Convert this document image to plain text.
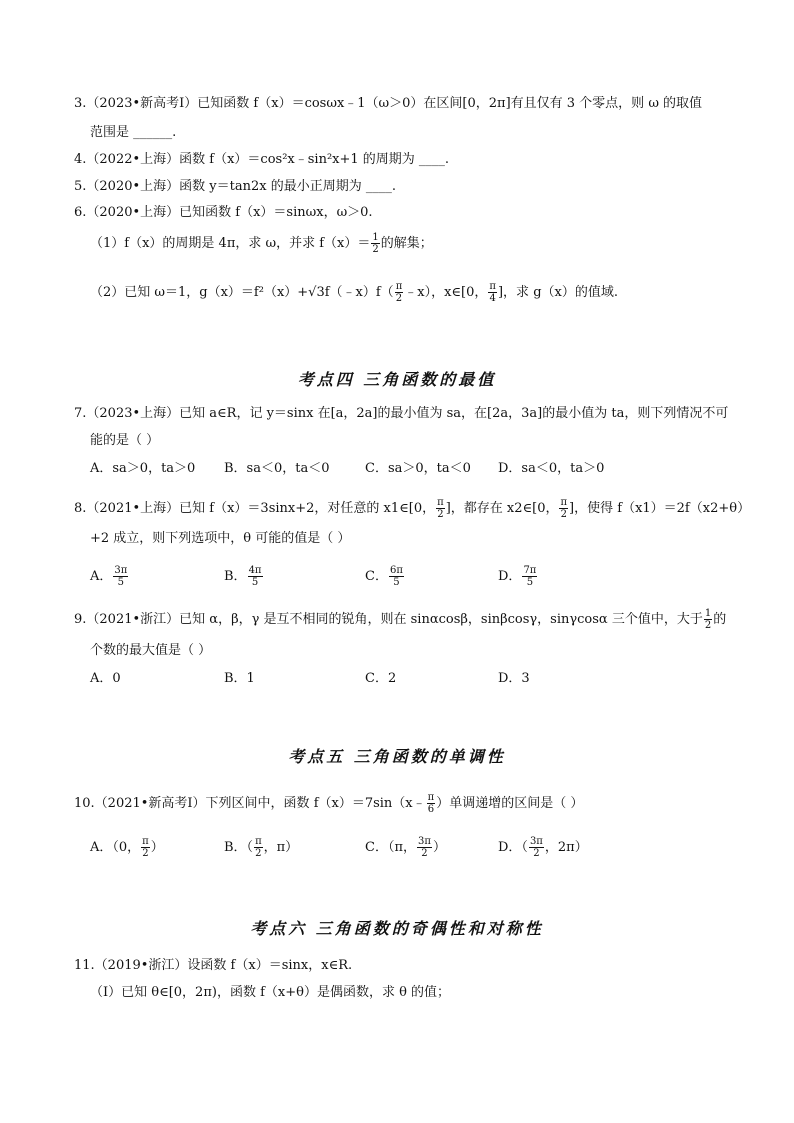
3.（2023•新高考Ⅰ）已知函数 f（x）＝cosωx﹣1（ω＞0）在区间[0，2π]有且仅有 3 个零点，则 ω 的取值
范围是 ______.
4.（2022•上海）函数 f（x）＝cos²x﹣sin²x+1 的周期为 ____.
5.（2020•上海）函数 y＝tan2x 的最小正周期为 ____.
6.（2020•上海）已知函数 f（x）＝sinωx，ω＞0.
（1）f（x）的周期是 4π，求 ω，并求 $f(x)= \frac{1}{2}$ 的解集；
（2）已知 ω＝1，g（x）＝f²（x）+√3f（﹣x）f（ $\frac{\pi}{2}$ ﹣x），x∈[0， $\frac{\pi}{4}$ ]，求 g（x）的值域.
考点四 三角函数的最值
7.（2023•上海）已知 a∈R，记 y＝sinx 在[a，2a]的最小值为 sa，在[2a，3a]的最小值为 ta，则下列情况不可
能的是（ ）
A．sa＞0，ta＞0 B．sa＜0，ta＜0	C．sa＞0，ta＜0 D．sa＜0，ta＞0
8.（2021•上海）已知 f（x）＝3sinx+2，对任意的 x1∈[0， $\frac{\pi}{2}$ ]，都存在 x2∈[0， $\frac{\pi}{2}$ ]，使得 f（x1）＝2f（x2+θ）
+2 成立，则下列选项中，θ 可能的值是（ ）
A． $\frac{3\pi}{5}$	B． $\frac{4\pi}{5}$	C． $\frac{6\pi}{5}$	D． $\frac{7\pi}{5}$
9.（2021•浙江）已知 α，β，γ 是互不相同的锐角，则在 sinαcosβ，sinβcosγ，sinγcosα 三个值中，大于 $\frac{1}{2}$ 的
个数的最大值是（ ）
A．0	B．1	C．2	D．3
考点五 三角函数的单调性
10.（2021•新高考Ⅰ）下列区间中，函数 f（x）＝7sin（x﹣ $\frac{\pi}{6}$ ）单调递增的区间是（ ）
A．（0， $\frac{\pi}{2}$ ）	B．（ $\frac{\pi}{2}$ ，π）	C．（π， $\frac{3\pi}{2}$ ）	D．（ $\frac{3\pi}{2}$ ，2π）
考点六 三角函数的奇偶性和对称性
11.（2019•浙江）设函数 f（x）＝sinx，x∈R.
（Ⅰ）已知 θ∈[0，2π)，函数 f（x+θ）是偶函数，求 θ 的值；
